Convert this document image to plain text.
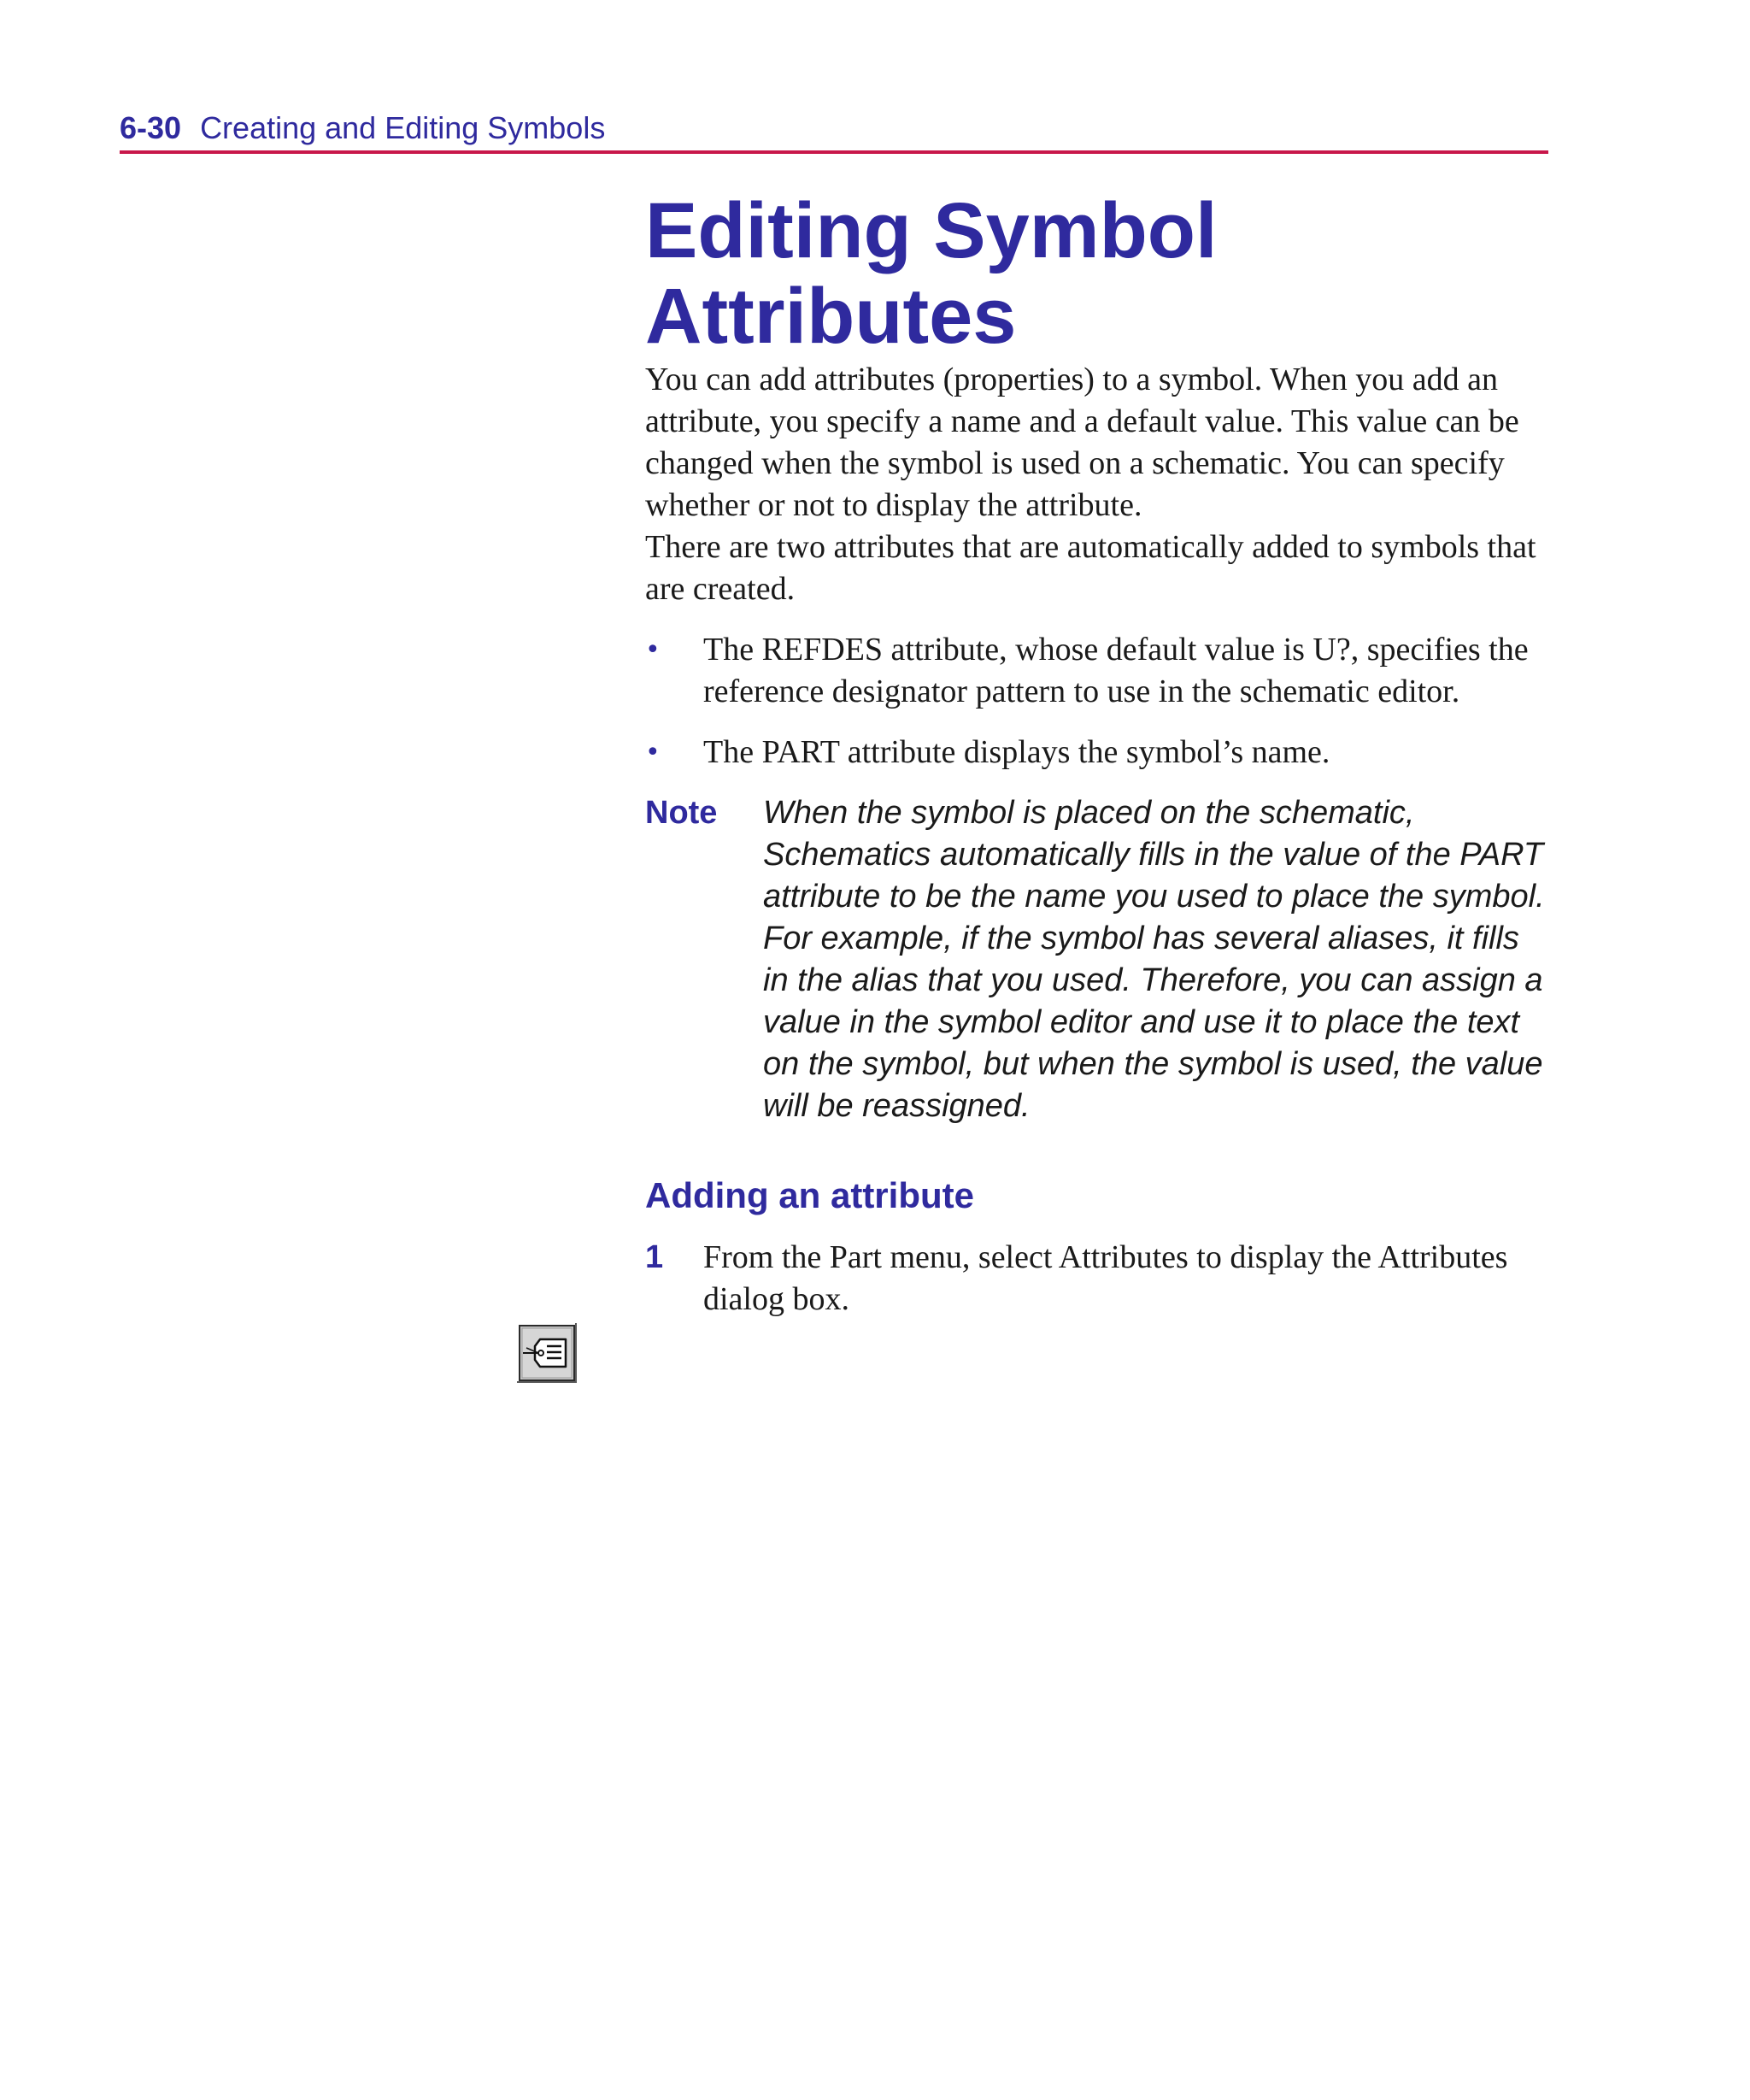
6-30 Creating and Editing Symbols
Editing Symbol
Attributes

You can add attributes (properties) to a symbol. When you add an attribute, you specify a name and a default value. This value can be changed when the symbol is used on a schematic. You can specify whether or not to display the attribute.

There are two attributes that are automatically added to symbols that are created.

•	The REFDES attribute, whose default value is U?, specifies the reference designator pattern to use in the schematic editor.
•	The PART attribute displays the symbol’s name.
Note When the symbol is placed on the schematic, Schematics automatically fills in the value of the PART attribute to be the name you used to place the symbol. For example, if the symbol has several aliases, it fills in the alias that you used. Therefore, you can assign a value in the symbol editor and use it to place the text on the symbol, but when the symbol is used, the value will be reassigned.
Adding an attribute
1 From the Part menu, select Attributes to display the Attributes dialog box.
